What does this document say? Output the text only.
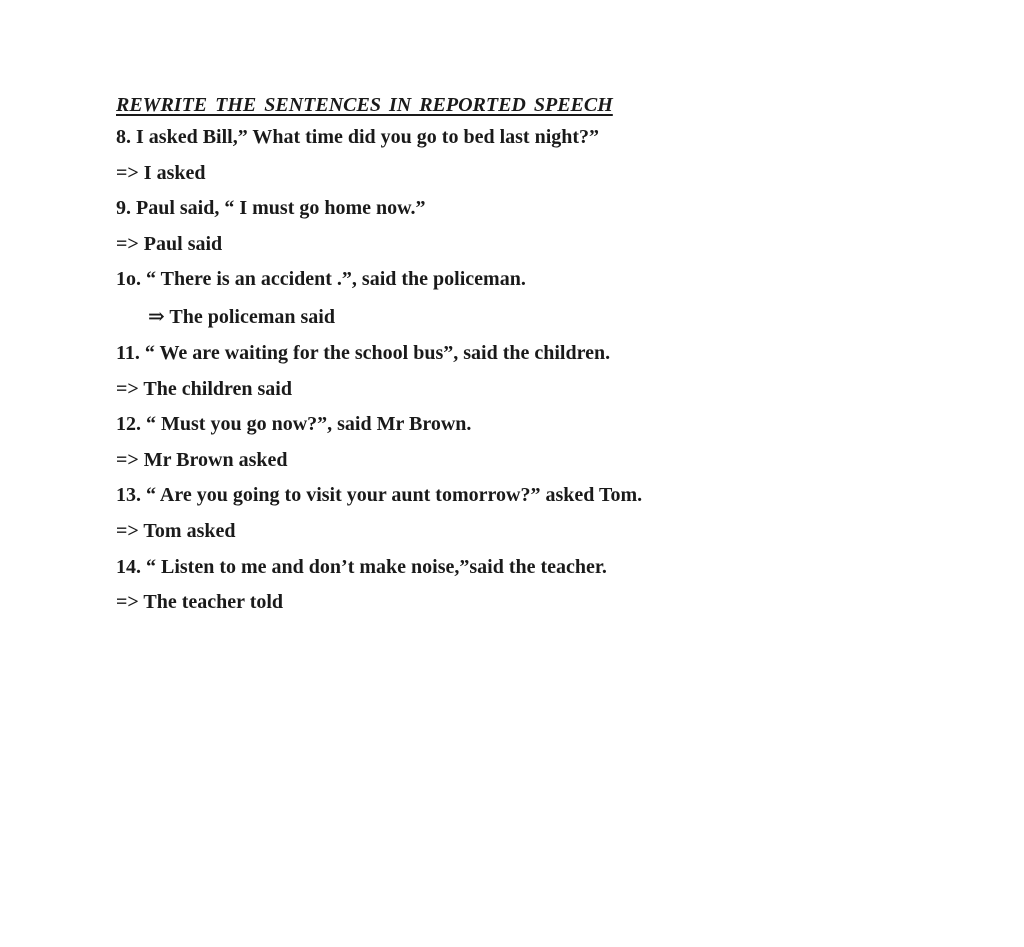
REWRITE THE SENTENCES IN REPORTED SPEECH
8. I asked Bill,” What time did you go to bed last night?”
=> I asked
9. Paul said, “ I must go home now.”
=> Paul said
1o. “ There is an accident .”, said the policeman.
⇒ The policeman said
11. “ We are waiting for the school bus”, said the children.
=> The children said
12. “ Must you go now?”, said Mr Brown.
=> Mr Brown asked
13. “ Are you going to visit your aunt tomorrow?” asked Tom.
=> Tom asked
14. “ Listen to me and don’t make noise,”said the teacher.
=> The teacher told
